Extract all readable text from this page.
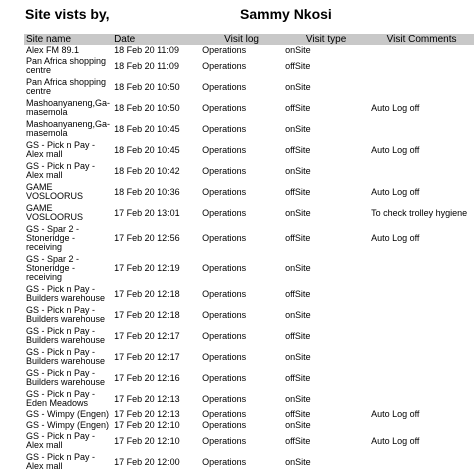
Site vists by,	Sammy Nkosi
Site name	Date	Visit log	Visit type	Visit Comments
Alex FM 89.1	18 Feb 20 11:09	Operations	onSite	
Pan Africa shopping centre	18 Feb 20 11:09	Operations	offSite	
Pan Africa shopping centre	18 Feb 20 10:50	Operations	onSite	
Mashoanyaneng,Ga-masemola	18 Feb 20 10:50	Operations	offSite	Auto Log off
Mashoanyaneng,Ga-masemola	18 Feb 20 10:45	Operations	onSite	
GS - Pick n Pay - Alex mall	18 Feb 20 10:45	Operations	offSite	Auto Log off
GS - Pick n Pay - Alex mall	18 Feb 20 10:42	Operations	onSite	
GAME VOSLOORUS	18 Feb 20 10:36	Operations	offSite	Auto Log off
GAME VOSLOORUS	17 Feb 20 13:01	Operations	onSite	To check trolley hygiene
GS - Spar 2 - Stoneridge - receiving	17 Feb 20 12:56	Operations	offSite	Auto Log off
GS - Spar 2 - Stoneridge - receiving	17 Feb 20 12:19	Operations	onSite	
GS - Pick n Pay - Builders warehouse	17 Feb 20 12:18	Operations	offSite	
GS - Pick n Pay - Builders warehouse	17 Feb 20 12:18	Operations	onSite	
GS - Pick n Pay - Builders warehouse	17 Feb 20 12:17	Operations	offSite	
GS - Pick n Pay - Builders warehouse	17 Feb 20 12:17	Operations	onSite	
GS - Pick n Pay - Builders warehouse	17 Feb 20 12:16	Operations	offSite	
GS - Pick n Pay - Eden Meadows	17 Feb 20 12:13	Operations	onSite	
GS - Wimpy (Engen)	17 Feb 20 12:13	Operations	offSite	Auto Log off
GS - Wimpy (Engen)	17 Feb 20 12:10	Operations	onSite	
GS - Pick n Pay - Alex mall	17 Feb 20 12:10	Operations	offSite	Auto Log off
GS - Pick n Pay - Alex mall	17 Feb 20 12:00	Operations	onSite	
